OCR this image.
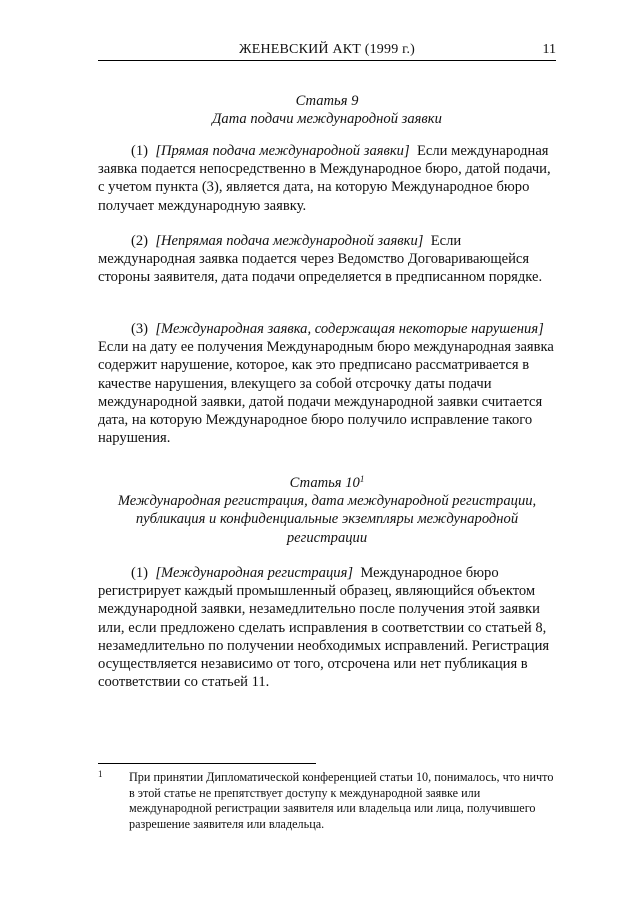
ЖЕНЕВСКИЙ АКТ (1999 г.)	11

Статья 9

Дата подачи международной заявки

(1) [Прямая подача международной заявки] Если международная заявка подается непосредственно в Международное бюро, датой подачи, с учетом пункта (3), является дата, на которую Международное бюро получает международную заявку.

(2) [Непрямая подача международной заявки] Если международная заявка подается через Ведомство Договаривающейся стороны заявителя, дата подачи определяется в предписанном порядке.

(3) [Международная заявка, содержащая некоторые нарушения]  Если на дату ее получения Международным бюро международная заявка содержит нарушение, которое, как это предписано рассматривается в качестве нарушения, влекущего за собой отсрочку даты подачи международной заявки, датой подачи международной заявки считается дата, на которую Международное бюро получило исправление такого нарушения.

Статья $10^1$

Международная регистрация, дата международной регистрации, публикация и конфиденциальные экземпляры международной регистрации

(1) [Международная регистрация] Международное бюро регистрирует каждый промышленный образец, являющийся объектом международной заявки, незамедлительно после получения этой заявки или, если предложено сделать исправления в соответствии со статьей 8, незамедлительно по получении необходимых исправлений. Регистрация осуществляется независимо от того, отсрочена или нет публикация в соответствии со статьей 11.

1 При принятии Дипломатической конференцией статьи 10, понималось, что ничто в этой статье не препятствует доступу к международной заявке или международной регистрации заявителя или владельца или лица, получившего разрешение заявителя или владельца.
